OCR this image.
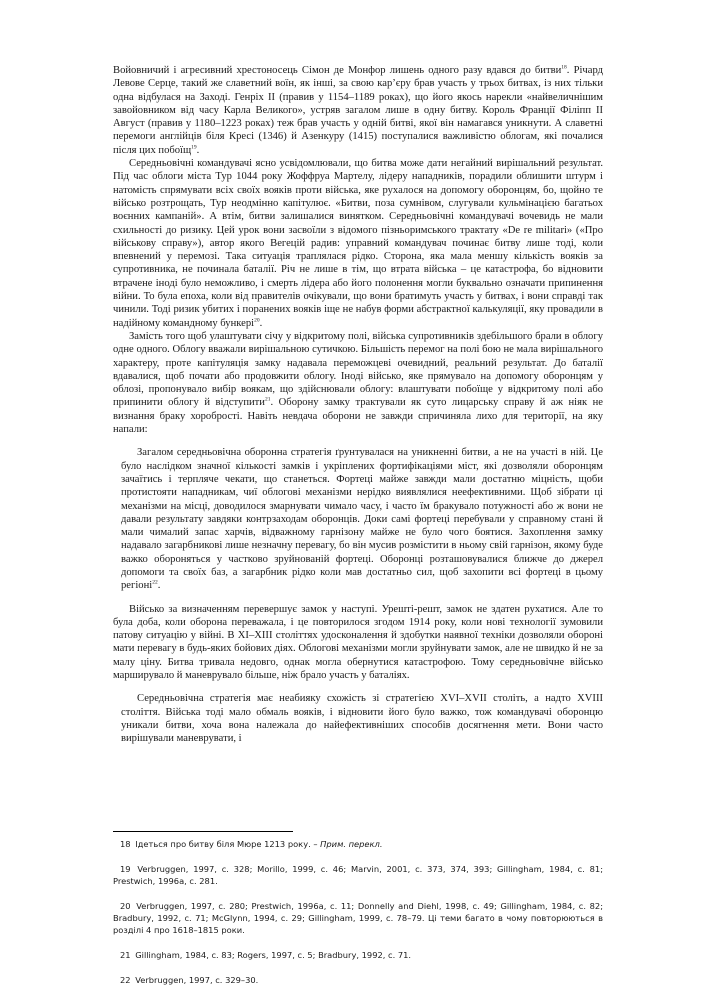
Войовничий і агресивний хрестоносець Сімон де Монфор лишень одного разу вдався до битви$^{18}$. Річард Левове Серце, такий же славетний воїн, як інші, за свою кар’єру брав участь у трьох битвах, із них тільки одна відбулася на Заході. Генріх II (правив у 1154–1189 роках), що його якось нарекли «найвеличнішим завойовником від часу Карла Великого», устряв загалом лише в одну битву. Король Франції Філіпп II Август (правив у 1180–1223 роках) теж брав участь у одній битві, якої він намагався уникнути. А славетні перемоги англійців біля Кресі (1346) й Азенкуру (1415) поступалися важливістю облогам, які почалися після цих побоїщ$^{19}$.

Середньовічні командувачі ясно усвідомлювали, що битва може дати негайний вирішальний результат. Під час облоги міста Тур 1044 року Жоффруа Мартелу, лідеру нападників, порадили облишити штурм і натомість спрямувати всіх своїх вояків проти війська, яке рухалося на допомогу оборонцям, бо, щойно те військо розтрощать, Тур неодмінно капітулює. «Битви, поза сумнівом, слугували кульмінацією багатьох воєнних кампаній». А втім, битви залишалися винятком. Середньовічні командувачі вочевидь не мали схильності до ризику. Цей урок вони засвоїли з відомого пізньоримського трактату «De re militari» («Про військову справу»), автор якого Вегецій радив: управний командувач починає битву лише тоді, коли впевнений у перемозі. Така ситуація траплялася рідко. Сторона, яка мала меншу кількість вояків за супротивника, не починала баталії. Річ не лише в тім, що втрата війська – це катастрофа, бо відновити втрачене іноді було неможливо, і смерть лідера або його полонення могли буквально означати припинення війни. То була епоха, коли від правителів очікували, що вони братимуть участь у битвах, і вони справді так чинили. Тоді ризик убитих і поранених вояків іще не набув форми абстрактної калькуляції, яку провадили в надійному командному бункері$^{20}$.

Замість того щоб улаштувати січу у відкритому полі, війська супротивників здебільшого брали в облогу одне одного. Облогу вважали вирішальною сутичкою. Більшість перемог на полі бою не мала вирішального характеру, проте капітуляція замку надавала переможцеві очевидний, реальний результат. До баталії вдавалися, щоб почати або продовжити облогу. Іноді військо, яке прямувало на допомогу оборонцям у облозі, пропонувало вибір воякам, що здійснювали облогу: влаштувати побоїще у відкритому полі або припинити облогу й відступити$^{21}$. Оборону замку трактували як суто лицарську справу й аж ніяк не визнання браку хоробрості. Навіть невдача оборони не завжди спричиняла лихо для території, на яку напали:

Загалом середньовічна оборонна стратегія ґрунтувалася на уникненні битви, а не на участі в ній. Це було наслідком значної кількості замків і укріплених фортифікаціями міст, які дозволяли оборонцям зачаїтись і терпляче чекати, що станеться. Фортеці майже завжди мали достатню міцність, щоби протистояти нападникам, чиї облогові механізми нерідко виявлялися неефективними. Щоб зібрати ці механізми на місці, доводилося змарнувати чимало часу, і часто їм бракувало потужності або ж вони не давали результату завдяки контрзаходам оборонців. Доки самі фортеці перебували у справному стані й мали чималий запас харчів, відважному гарнізону майже не було чого боятися. Захоплення замку надавало загарбникові лише незначну перевагу, бо він мусив розмістити в ньому свій гарнізон, якому буде важко обороняться у частково зруйнованій фортеці. Оборонці розташовувалися ближче до джерел допомоги та своїх баз, а загарбник рідко коли мав достатньо сил, щоб захопити всі фортеці в цьому регіоні$^{22}$.

Військо за визначенням перевершує замок у наступі. Урешті-решт, замок не здатен рухатися. Але то була доба, коли оборона переважала, і це повторилося згодом 1914 року, коли нові технології зумовили патову ситуацію у війні. В XI–XIII століттях удосконалення й здобутки наявної техніки дозволяли обороні мати перевагу в будь-яких бойових діях. Облогові механізми могли зруйнувати замок, але не швидко й не за малу ціну. Битва тривала недовго, однак могла обернутися катастрофою. Тому середньовічне військо марширувало й маневрувало більше, ніж брало участь у баталіях.

Середньовічна стратегія має неабияку схожість зі стратегією XVI–XVII століть, а надто XVIII століття. Війська тоді мало обмаль вояків, і відновити його було важко, тож командувачі оборонцю уникали битви, хоча вона належала до найефективніших способів досягнення мети. Вони часто вирішували маневрувати, і

18 Ідеться про битву біля Мюре 1213 року. – Прим. перекл.

19 Verbruggen, 1997, с. 328; Morillo, 1999, с. 46; Marvin, 2001, с. 373, 374, 393; Gillingham, 1984, с. 81; Prestwich, 1996a, с. 281.

20 Verbruggen, 1997, с. 280; Prestwich, 1996a, с. 11; Donnelly and Diehl, 1998, с. 49; Gillingham, 1984, с. 82; Bradbury, 1992, с. 71; McGlynn, 1994, с. 29; Gillingham, 1999, с. 78–79. Ці теми багато в чому повторюються в розділі 4 про 1618–1815 роки.

21 Gillingham, 1984, с. 83; Rogers, 1997, с. 5; Bradbury, 1992, с. 71.

22 Verbruggen, 1997, с. 329–30.
